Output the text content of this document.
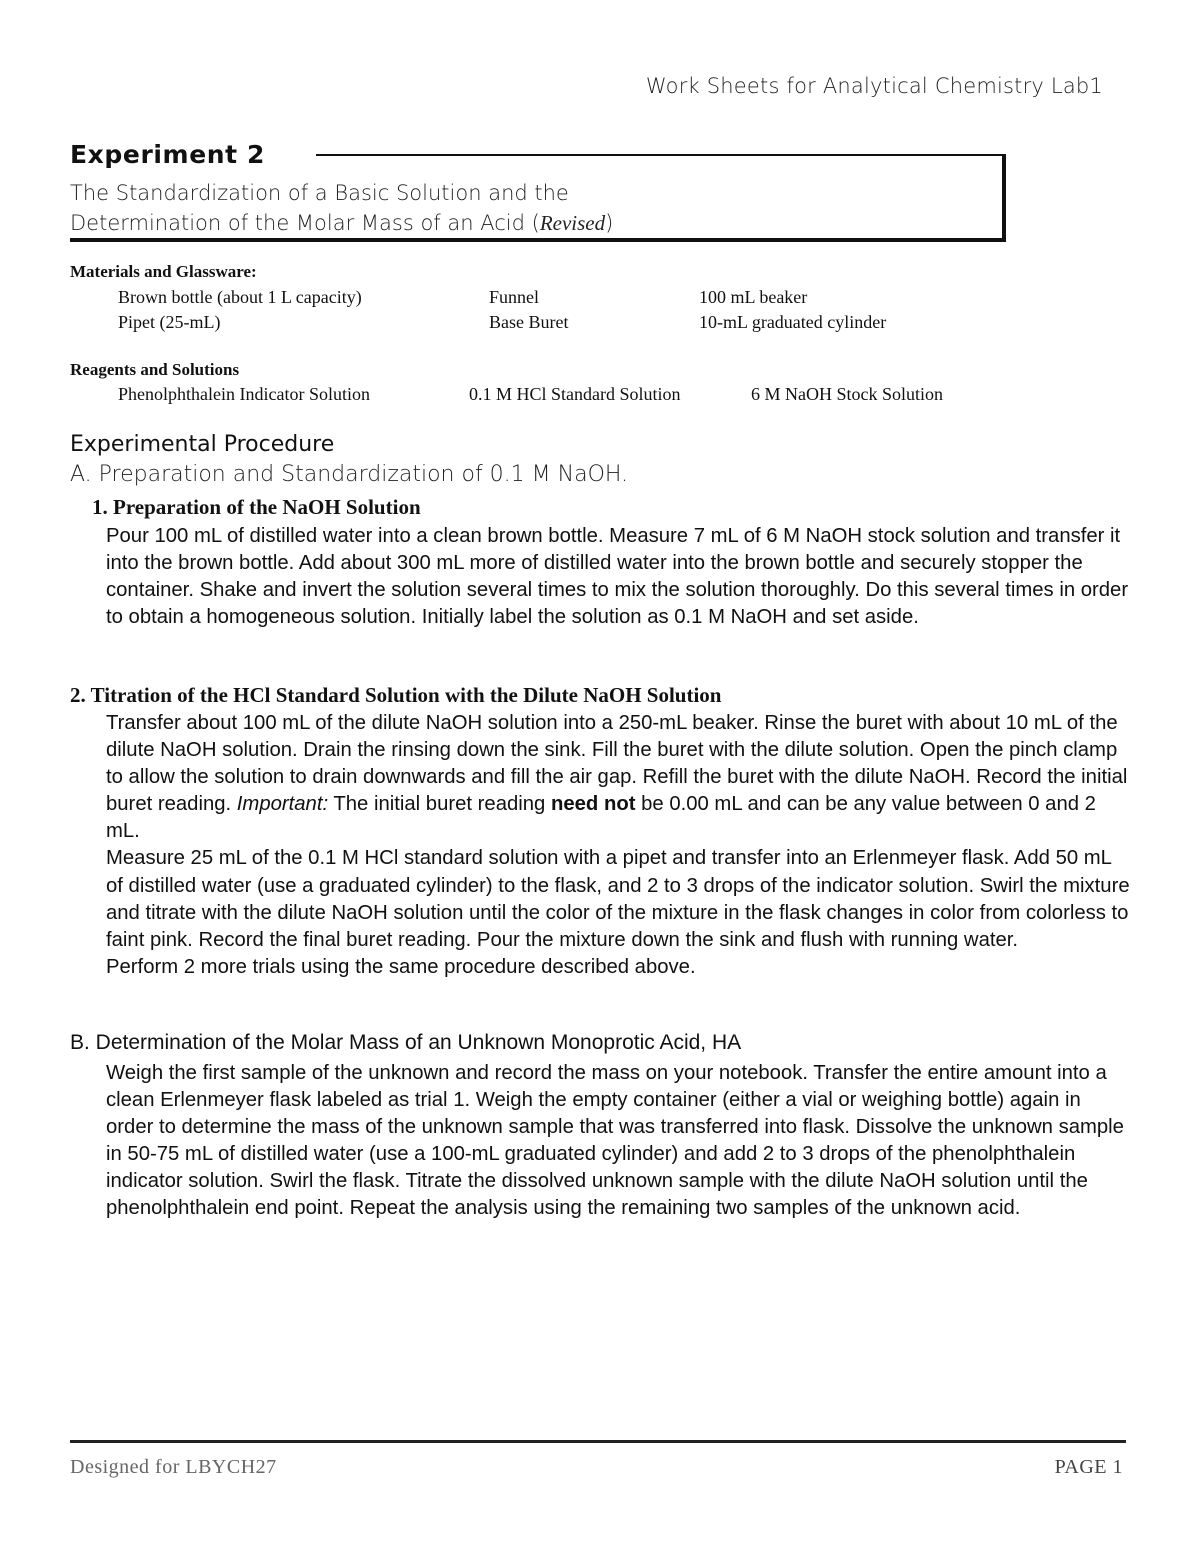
Work Sheets for Analytical Chemistry Lab1
Experiment 2
The Standardization of a Basic Solution and the
Determination of the Molar Mass of an Acid (Revised)
Materials and Glassware:
Brown bottle (about 1 L capacity)	Funnel	100 mL beaker
Pipet (25-mL)	Base Buret	10-mL graduated cylinder
Reagents and Solutions
Phenolphthalein Indicator Solution	0.1 M HCl Standard Solution	6 M NaOH Stock Solution
Experimental Procedure
A. Preparation and Standardization of 0.1 M NaOH.
1. Preparation of the NaOH Solution

Pour 100 mL of distilled water into a clean brown bottle. Measure 7 mL of 6 M NaOH stock solution and transfer it into the brown bottle. Add about 300 mL more of distilled water into the brown bottle and securely stopper the container. Shake and invert the solution several times to mix the solution thoroughly. Do this several times in order to obtain a homogeneous solution. Initially label the solution as 0.1 M NaOH and set aside.

2. Titration of the HCl Standard Solution with the Dilute NaOH Solution

Transfer about 100 mL of the dilute NaOH solution into a 250-mL beaker. Rinse the buret with about 10 mL of the dilute NaOH solution. Drain the rinsing down the sink. Fill the buret with the dilute solution. Open the pinch clamp to allow the solution to drain downwards and fill the air gap. Refill the buret with the dilute NaOH. Record the initial buret reading. Important: The initial buret reading need not be 0.00 mL and can be any value between 0 and 2 mL.

Measure 25 mL of the 0.1 M HCl standard solution with a pipet and transfer into an Erlenmeyer flask. Add 50 mL of distilled water (use a graduated cylinder) to the flask, and 2 to 3 drops of the indicator solution. Swirl the mixture and titrate with the dilute NaOH solution until the color of the mixture in the flask changes in color from colorless to faint pink. Record the final buret reading. Pour the mixture down the sink and flush with running water.

Perform 2 more trials using the same procedure described above.

B. Determination of the Molar Mass of an Unknown Monoprotic Acid, HA

Weigh the first sample of the unknown and record the mass on your notebook. Transfer the entire amount into a clean Erlenmeyer flask labeled as trial 1. Weigh the empty container (either a vial or weighing bottle) again in order to determine the mass of the unknown sample that was transferred into flask. Dissolve the unknown sample in 50-75 mL of distilled water (use a 100-mL graduated cylinder) and add 2 to 3 drops of the phenolphthalein indicator solution. Swirl the flask. Titrate the dissolved unknown sample with the dilute NaOH solution until the phenolphthalein end point. Repeat the analysis using the remaining two samples of the unknown acid.

Designed for LBYCH27	PAGE 1
